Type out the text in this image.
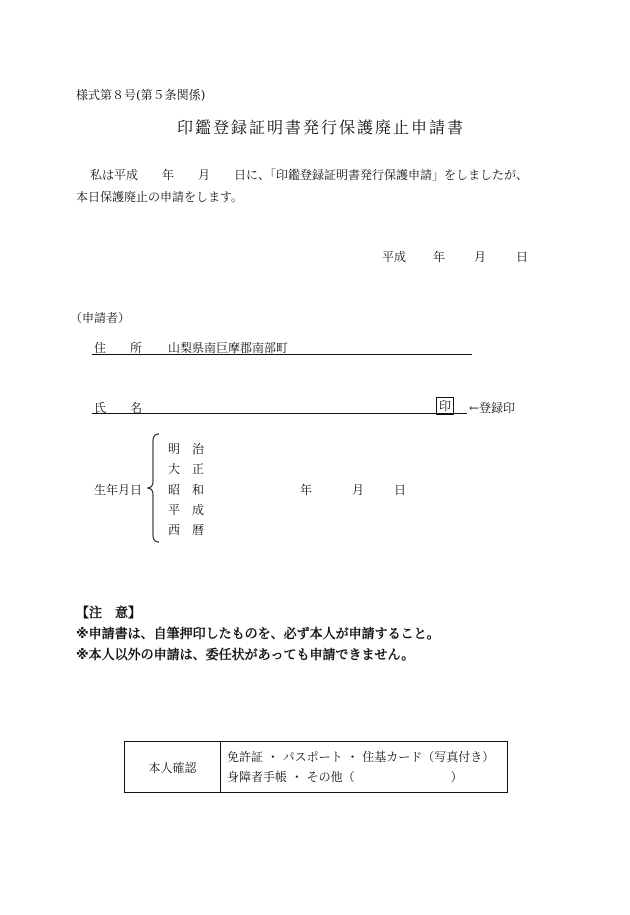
様式第８号(第５条関係)
印鑑登録証明書発行保護廃止申請書
私は平成　　年　　月　　日に、「印鑑登録証明書発行保護申請」をしましたが、
本日保護廃止の申請をします。
平成 年 月 日
（申請者）
住　　所 山梨県南巨摩郡南部町
氏　　名	印 ←登録印
生年月日
明　治
大　正
昭　和
平　成
西　暦
年	月 日
【注　意】
※申請書は、自筆押印したものを、必ず本人が申請すること。
※本人以外の申請は、委任状があっても申請できません。
本人確認	
免許証 ・ パスポート ・ 住基カード（写真付き）
身障者手帳 ・ その他（　　　　　　　　）
